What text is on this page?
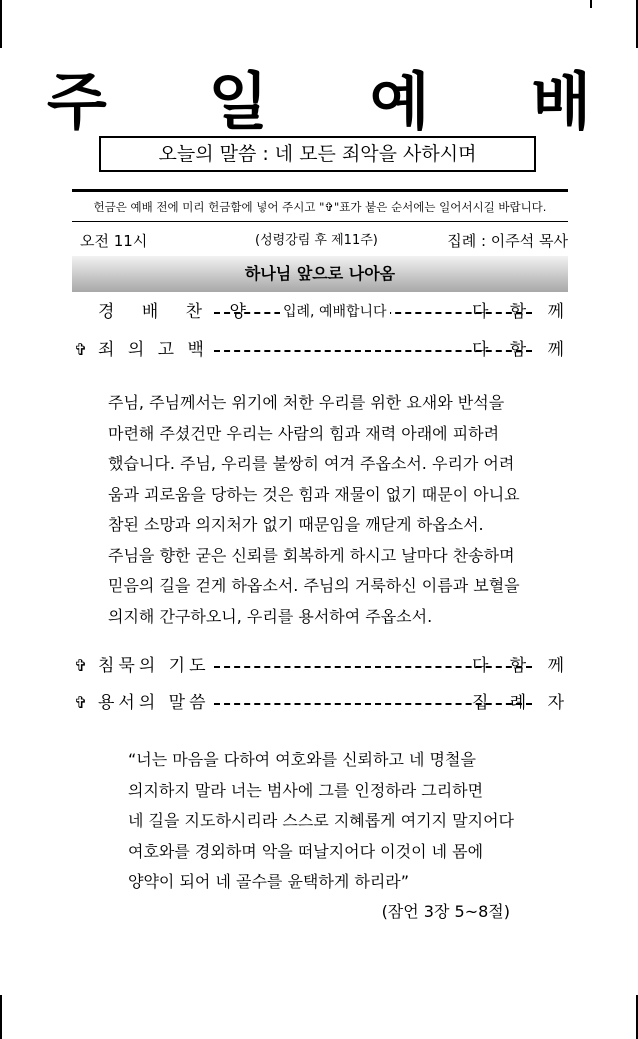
주 일 예 배
오늘의 말씀 : 네 모든 죄악을 사하시며
헌금은 예배 전에 미리 헌금함에 넣어 주시고 "✞"표가 붙은 순서에는 일어서시길 바랍니다.
오전 11시	(성령강림 후 제11주)	집례 : 이주석 목사
하나님 앞으로 나아옴
경 배 찬 양 입례, 예배합니다	다 함 께
✞ 죄 의 고 백	다 함 께
주님, 주님께서는 위기에 처한 우리를 위한 요새와 반석을
마련해 주셨건만 우리는 사람의 힘과 재력 아래에 피하려
했습니다. 주님, 우리를 불쌍히 여겨 주옵소서. 우리가 어려
움과 괴로움을 당하는 것은 힘과 재물이 없기 때문이 아니요
참된 소망과 의지처가 없기 때문임을 깨닫게 하옵소서.
주님을 향한 굳은 신뢰를 회복하게 하시고 날마다 찬송하며
믿음의 길을 걷게 하옵소서. 주님의 거룩하신 이름과 보혈을
의지해 간구하오니, 우리를 용서하여 주옵소서.
✞ 침묵의 기도	다 함 께
✞ 용서의 말씀	집 례 자
“너는 마음을 다하여 여호와를 신뢰하고 네 명철을
의지하지 말라 너는 범사에 그를 인정하라 그리하면
네 길을 지도하시리라 스스로 지혜롭게 여기지 말지어다
여호와를 경외하며 악을 떠날지어다 이것이 네 몸에
양약이 되어 네 골수를 윤택하게 하리라”
(잠언 3장 5~8절)
